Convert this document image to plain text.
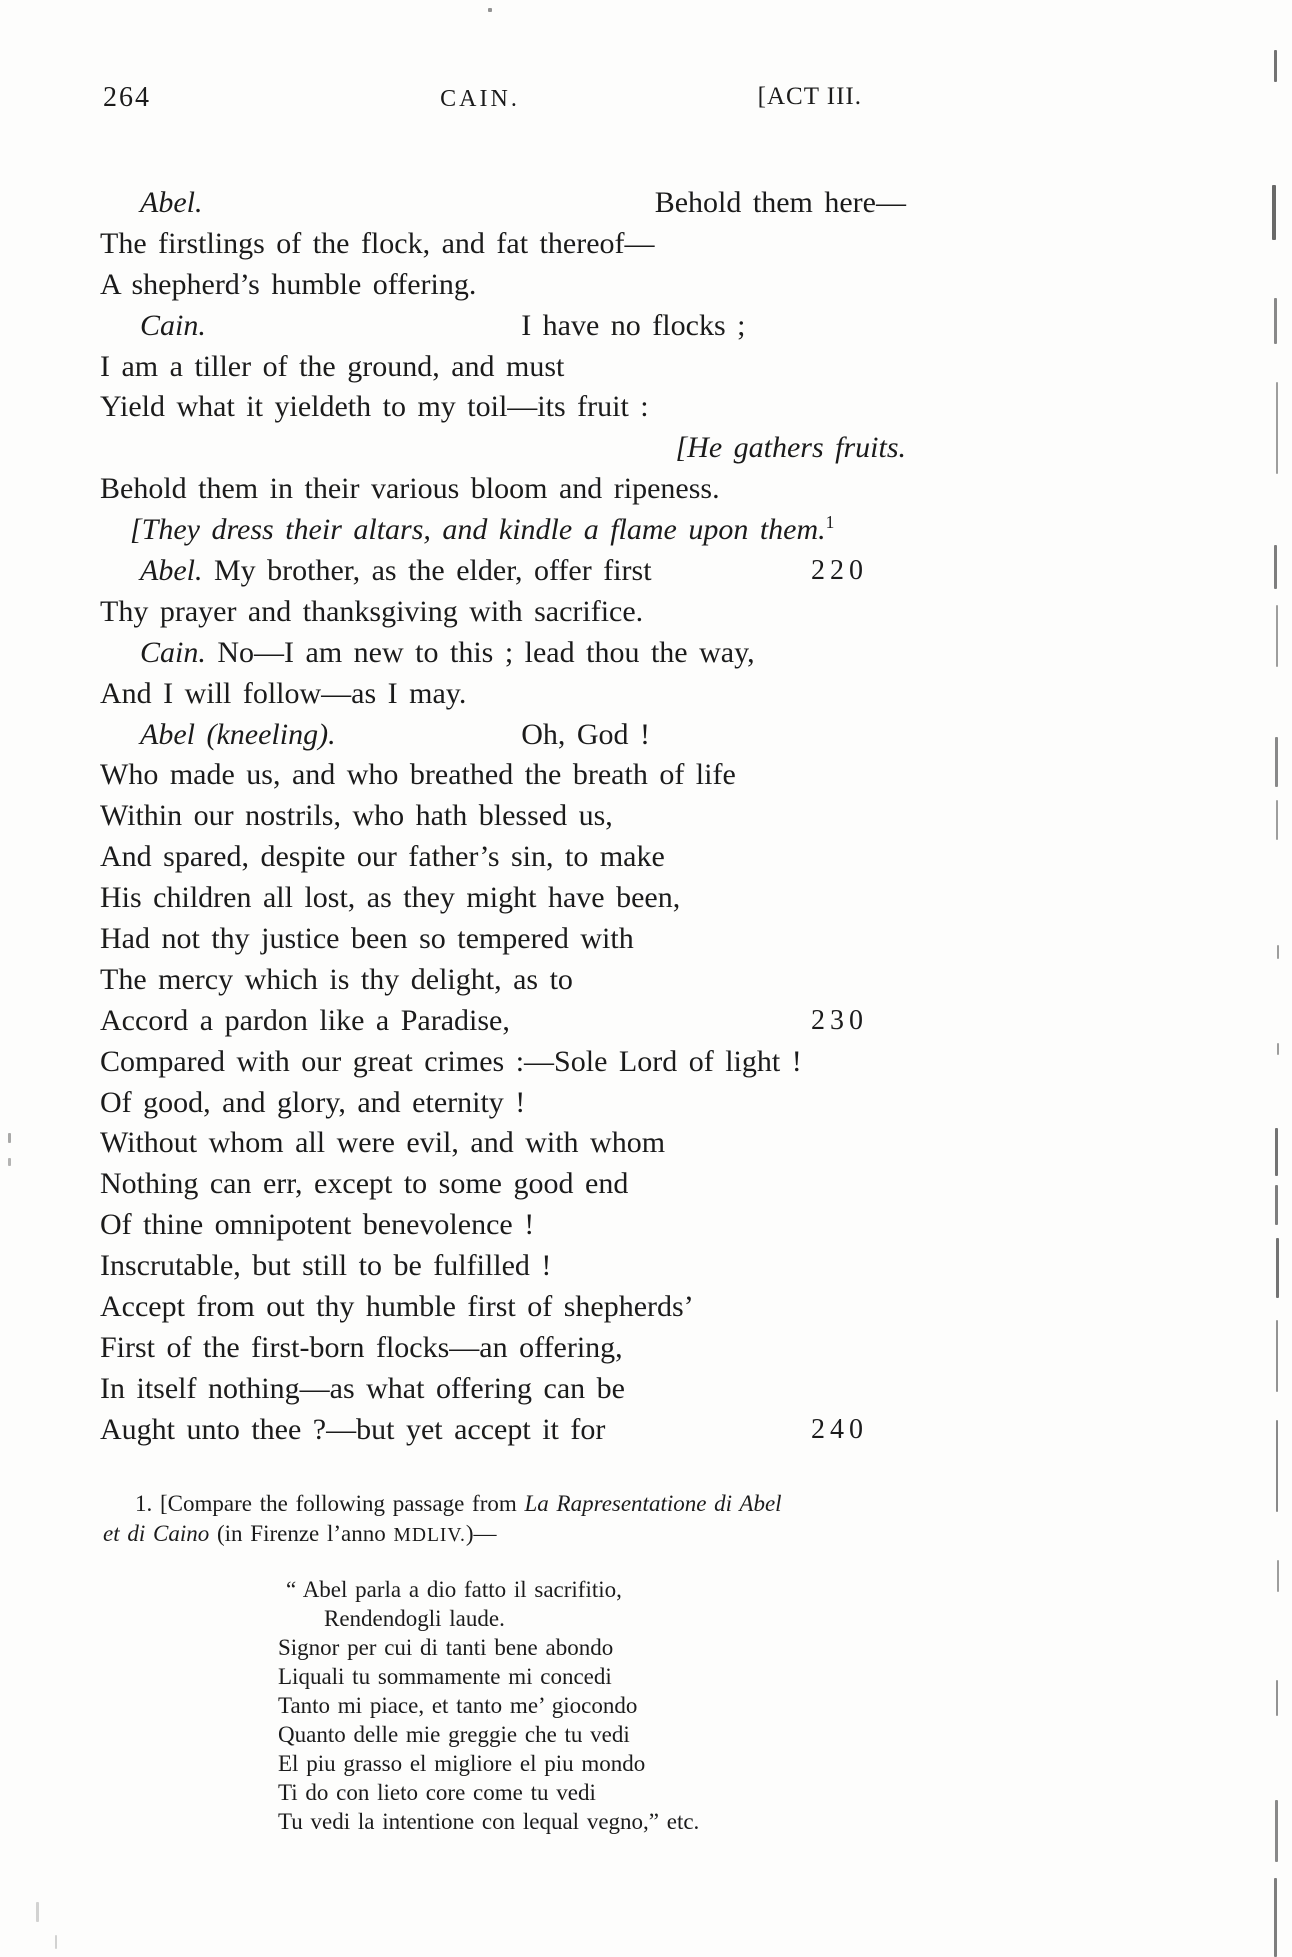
264	CAIN.	[ACT III.
Abel.	Behold them here—
The firstlings of the flock, and fat thereof—
A shepherd’s humble offering.
Cain.	I have no flocks ;
I am a tiller of the ground, and must
Yield what it yieldeth to my toil—its fruit :
[He gathers fruits.
Behold them in their various bloom and ripeness.
[They dress their altars, and kindle a flame upon them.$^1$
Abel. My brother, as the elder, offer first	220
Thy prayer and thanksgiving with sacrifice.
Cain. No—I am new to this ; lead thou the way,
And I will follow—as I may.
Abel (kneeling).	Oh, God !
Who made us, and who breathed the breath of life
Within our nostrils, who hath blessed us,
And spared, despite our father’s sin, to make
His children all lost, as they might have been,
Had not thy justice been so tempered with
The mercy which is thy delight, as to
Accord a pardon like a Paradise,	230
Compared with our great crimes :—Sole Lord of light !
Of good, and glory, and eternity !
Without whom all were evil, and with whom
Nothing can err, except to some good end
Of thine omnipotent benevolence !
Inscrutable, but still to be fulfilled !
Accept from out thy humble first of shepherds’
First of the first-born flocks—an offering,
In itself nothing—as what offering can be
Aught unto thee ?—but yet accept it for	240

1. [Compare the following passage from La Rapresentatione di Abel

et di Caino (in Firenze l’anno MDLIV.)—

“ Abel parla a dio fatto il sacrifitio,
Rendendogli laude.
Signor per cui di tanti bene abondo
Liquali tu sommamente mi concedi
Tanto mi piace, et tanto me’ giocondo
Quanto delle mie greggie che tu vedi
El piu grasso el migliore el piu mondo
Ti do con lieto core come tu vedi
Tu vedi la intentione con lequal vegno,” etc.
